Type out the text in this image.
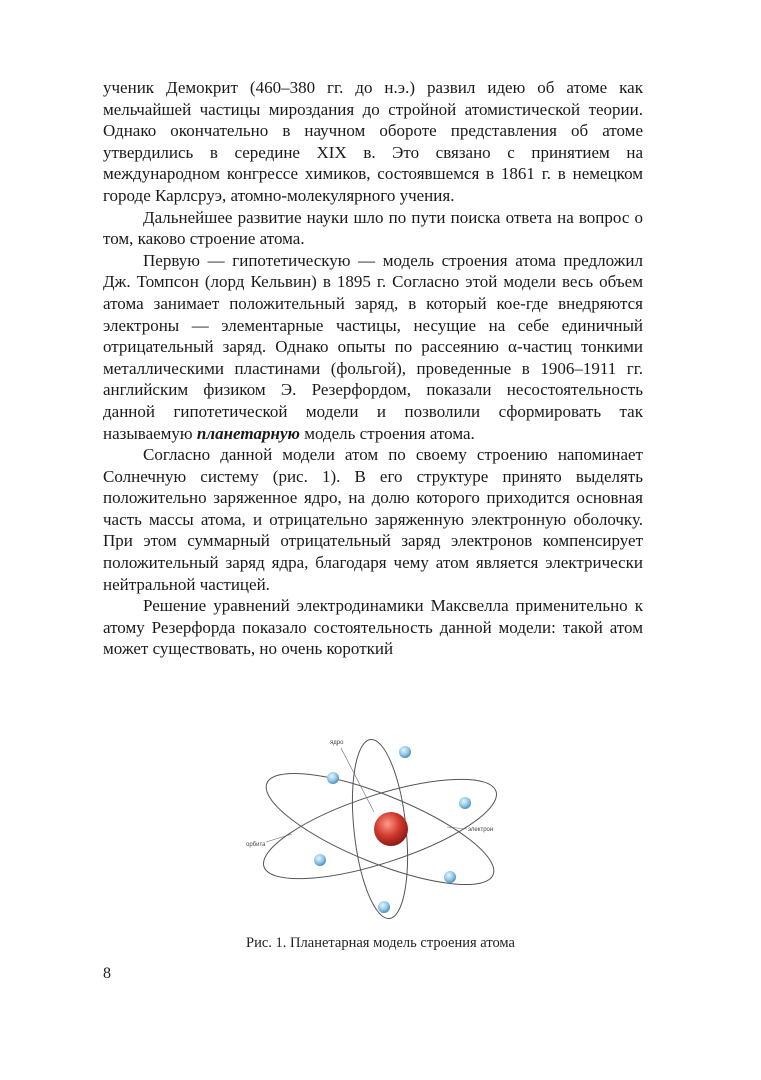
ученик Демокрит (460–380 гг. до н.э.) развил идею об атоме как мельчайшей частицы мироздания до стройной атомистической теории. Однако окончательно в научном обороте представления об атоме утвердились в середине XIX в. Это связано с принятием на международном конгрессе химиков, состоявшемся в 1861 г. в немецком городе Карлсруэ, атомно-молекулярного учения.

Дальнейшее развитие науки шло по пути поиска ответа на вопрос о том, каково строение атома.

Первую — гипотетическую — модель строения атома предложил Дж. Томпсон (лорд Кельвин) в 1895 г. Согласно этой модели весь объем атома занимает положительный заряд, в который кое-где внедряются электроны — элементарные частицы, несущие на себе единичный отрицательный заряд. Однако опыты по рассеянию α-частиц тонкими металлическими пластинами (фольгой), проведенные в 1906–1911 гг. английским физиком Э. Резерфордом, показали несостоятельность данной гипотетической модели и позволили сформировать так называемую планетарную модель строения атома.

Согласно данной модели атом по своему строению напоминает Солнечную систему (рис. 1). В его структуре принято выделять положительно заряженное ядро, на долю которого приходится основная часть массы атома, и отрицательно заряженную электронную оболочку. При этом суммарный отрицательный заряд электронов компенсирует положительный заряд ядра, благодаря чему атом является электрически нейтральной частицей.

Решение уравнений электродинамики Максвелла применительно к атому Резерфорда показало состоятельность данной модели: такой атом может существовать, но очень короткий

ядро
орбита
электрон
Рис. 1. Планетарная модель строения атома
8
